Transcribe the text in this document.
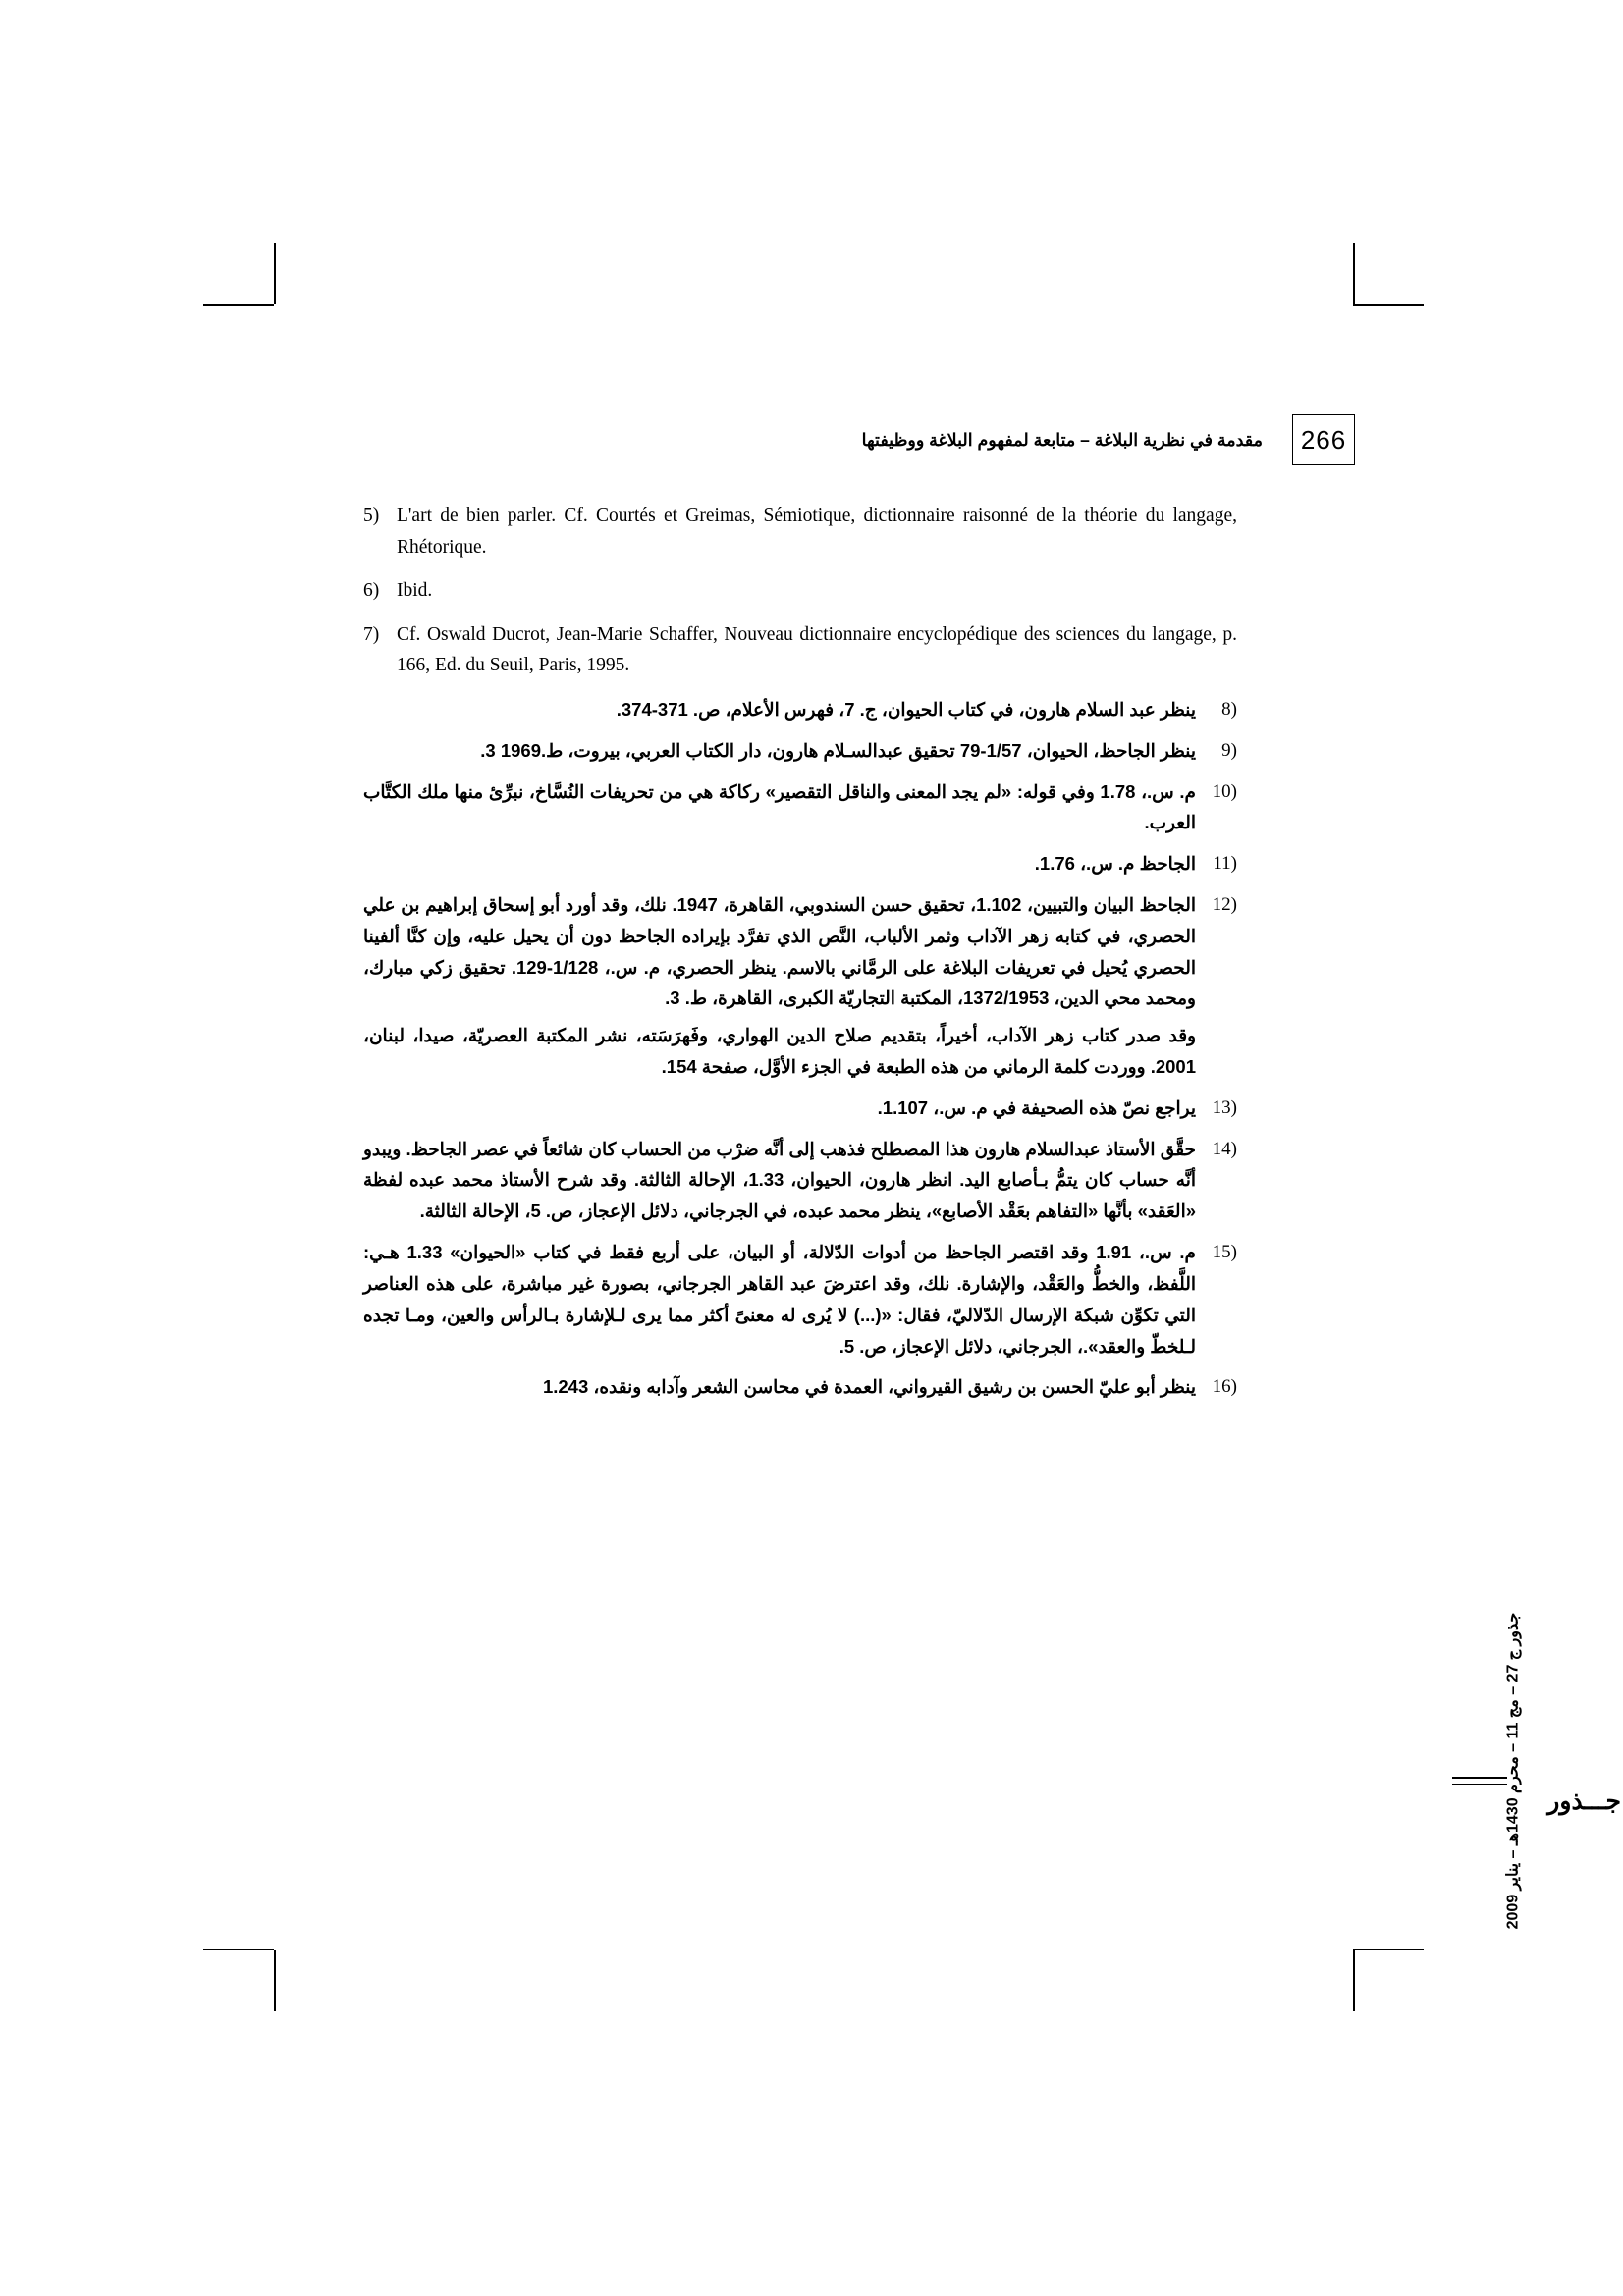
266
مقدمة في نظرية البلاغة – متابعة لمفهوم البلاغة ووظيفتها
5) L'art de bien parler. Cf. Courtés et Greimas, Sémiotique, dictionnaire raisonné de la théorie du langage, Rhétorique.
6) Ibid.
7) Cf. Oswald Ducrot, Jean-Marie Schaffer, Nouveau dictionnaire encyclopédique des sciences du langage, p. 166, Ed. du Seuil, Paris, 1995.
(8
ينظر عبد السلام هارون، في كتاب الحيوان، ج. 7، فهرس الأعلام، ص. 371-374.
(9
ينظر الجاحظ، الحيوان، 1/57-79 تحقيق عبدالسـلام هارون، دار الكتاب العربي، بيروت، ط.1969 3.
(10
م. س.، 1.78 وفي قوله: «لم يجد المعنى والناقل التقصير» ركاكة هي من تحريفات النُسَّاخ، نبرِّئ منها ملك الكتَّاب العرب.
(11
الجاحظ م. س.، 1.76.
(12
الجاحظ البيان والتبيين، 1.102، تحقيق حسن السندوبي، القاهرة، 1947. نلك، وقد أورد أبو إسحاق إبراهيم بن علي الحصري، في كتابه زهر الآداب وثمر الألباب، النَّص الذي تفرَّد بإيراده الجاحظ دون أن يحيل عليه، وإن كنَّا ألفينا الحصري يُحيل في تعريفات البلاغة على الرمَّاني بالاسم. ينظر الحصري، م. س.، 1/128-129. تحقيق زكي مبارك، ومحمد محي الدين، 1372/1953، المكتبة التجاريّة الكبرى، القاهرة، ط. 3.
وقد صدر كتاب زهر الآداب، أخيراً، بتقديم صلاح الدين الهواري، وفَهرَسَته، نشر المكتبة العصريّة، صيدا، لبنان، 2001. ووردت كلمة الرماني من هذه الطبعة في الجزء الأوَّل، صفحة 154.
(13
يراجع نصّ هذه الصحيفة في م. س.، 1.107.
(14
حقَّق الأستاذ عبدالسلام هارون هذا المصطلح فذهب إلى أنَّه ضرْب من الحساب كان شائعاً في عصر الجاحظ. ويبدو أنَّه حساب كان يتمُّ بـأصابع اليد. انظر هارون، الحيوان، 1.33، الإحالة الثالثة. وقد شرح الأستاذ محمد عبده لفظة «العَقد» بأنَّها «التفاهم بعَقْد الأصابع»، ينظر محمد عبده، في الجرجاني، دلائل الإعجاز، ص. 5، الإحالة الثالثة.
(15
م. س.، 1.91 وقد اقتصر الجاحظ من أدوات الدّلالة، أو البيان، على أربع فقط في كتاب «الحيوان» 1.33 هـي: اللَّفظ، والخطُّ والعَقْد، والإشارة. نلك، وقد اعترضَ عبد القاهر الجرجاني، بصورة غير مباشرة، على هذه العناصر التي تكوِّن شبكة الإرسال الدّلاليّ، فقال: «(...) لا يُرى له معنىً أكثر مما يرى لـلإشارة بـالرأس والعين، ومـا تجده لـلخطّ والعقد».، الجرجاني، دلائل الإعجاز، ص. 5.
(16
ينظر أبو عليّ الحسن بن رشيق القيرواني، العمدة في محاسن الشعر وآدابه ونقده، 1.243
جذور ج 27 – مج 11 – محرم 1430هـ – يناير 2009
جـــذور
